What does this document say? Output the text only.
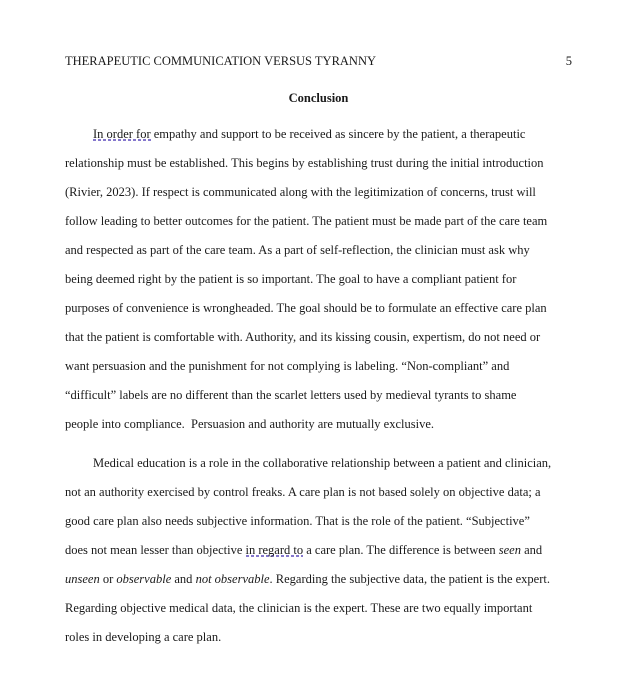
THERAPEUTIC COMMUNICATION VERSUS TYRANNY	5
Conclusion
In order for empathy and support to be received as sincere by the patient, a therapeutic
relationship must be established. This begins by establishing trust during the initial introduction
(Rivier, 2023). If respect is communicated along with the legitimization of concerns, trust will
follow leading to better outcomes for the patient. The patient must be made part of the care team
and respected as part of the care team. As a part of self-reflection, the clinician must ask why
being deemed right by the patient is so important. The goal to have a compliant patient for
purposes of convenience is wrongheaded. The goal should be to formulate an effective care plan
that the patient is comfortable with. Authority, and its kissing cousin, expertism, do not need or
want persuasion and the punishment for not complying is labeling. “Non-compliant” and
“difficult” labels are no different than the scarlet letters used by medieval tyrants to shame
people into compliance.  Persuasion and authority are mutually exclusive.
Medical education is a role in the collaborative relationship between a patient and clinician,
not an authority exercised by control freaks. A care plan is not based solely on objective data; a
good care plan also needs subjective information. That is the role of the patient. “Subjective”
does not mean lesser than objective in regard to a care plan. The difference is between seen and
unseen or observable and not observable. Regarding the subjective data, the patient is the expert.
Regarding objective medical data, the clinician is the expert. These are two equally important
roles in developing a care plan.
